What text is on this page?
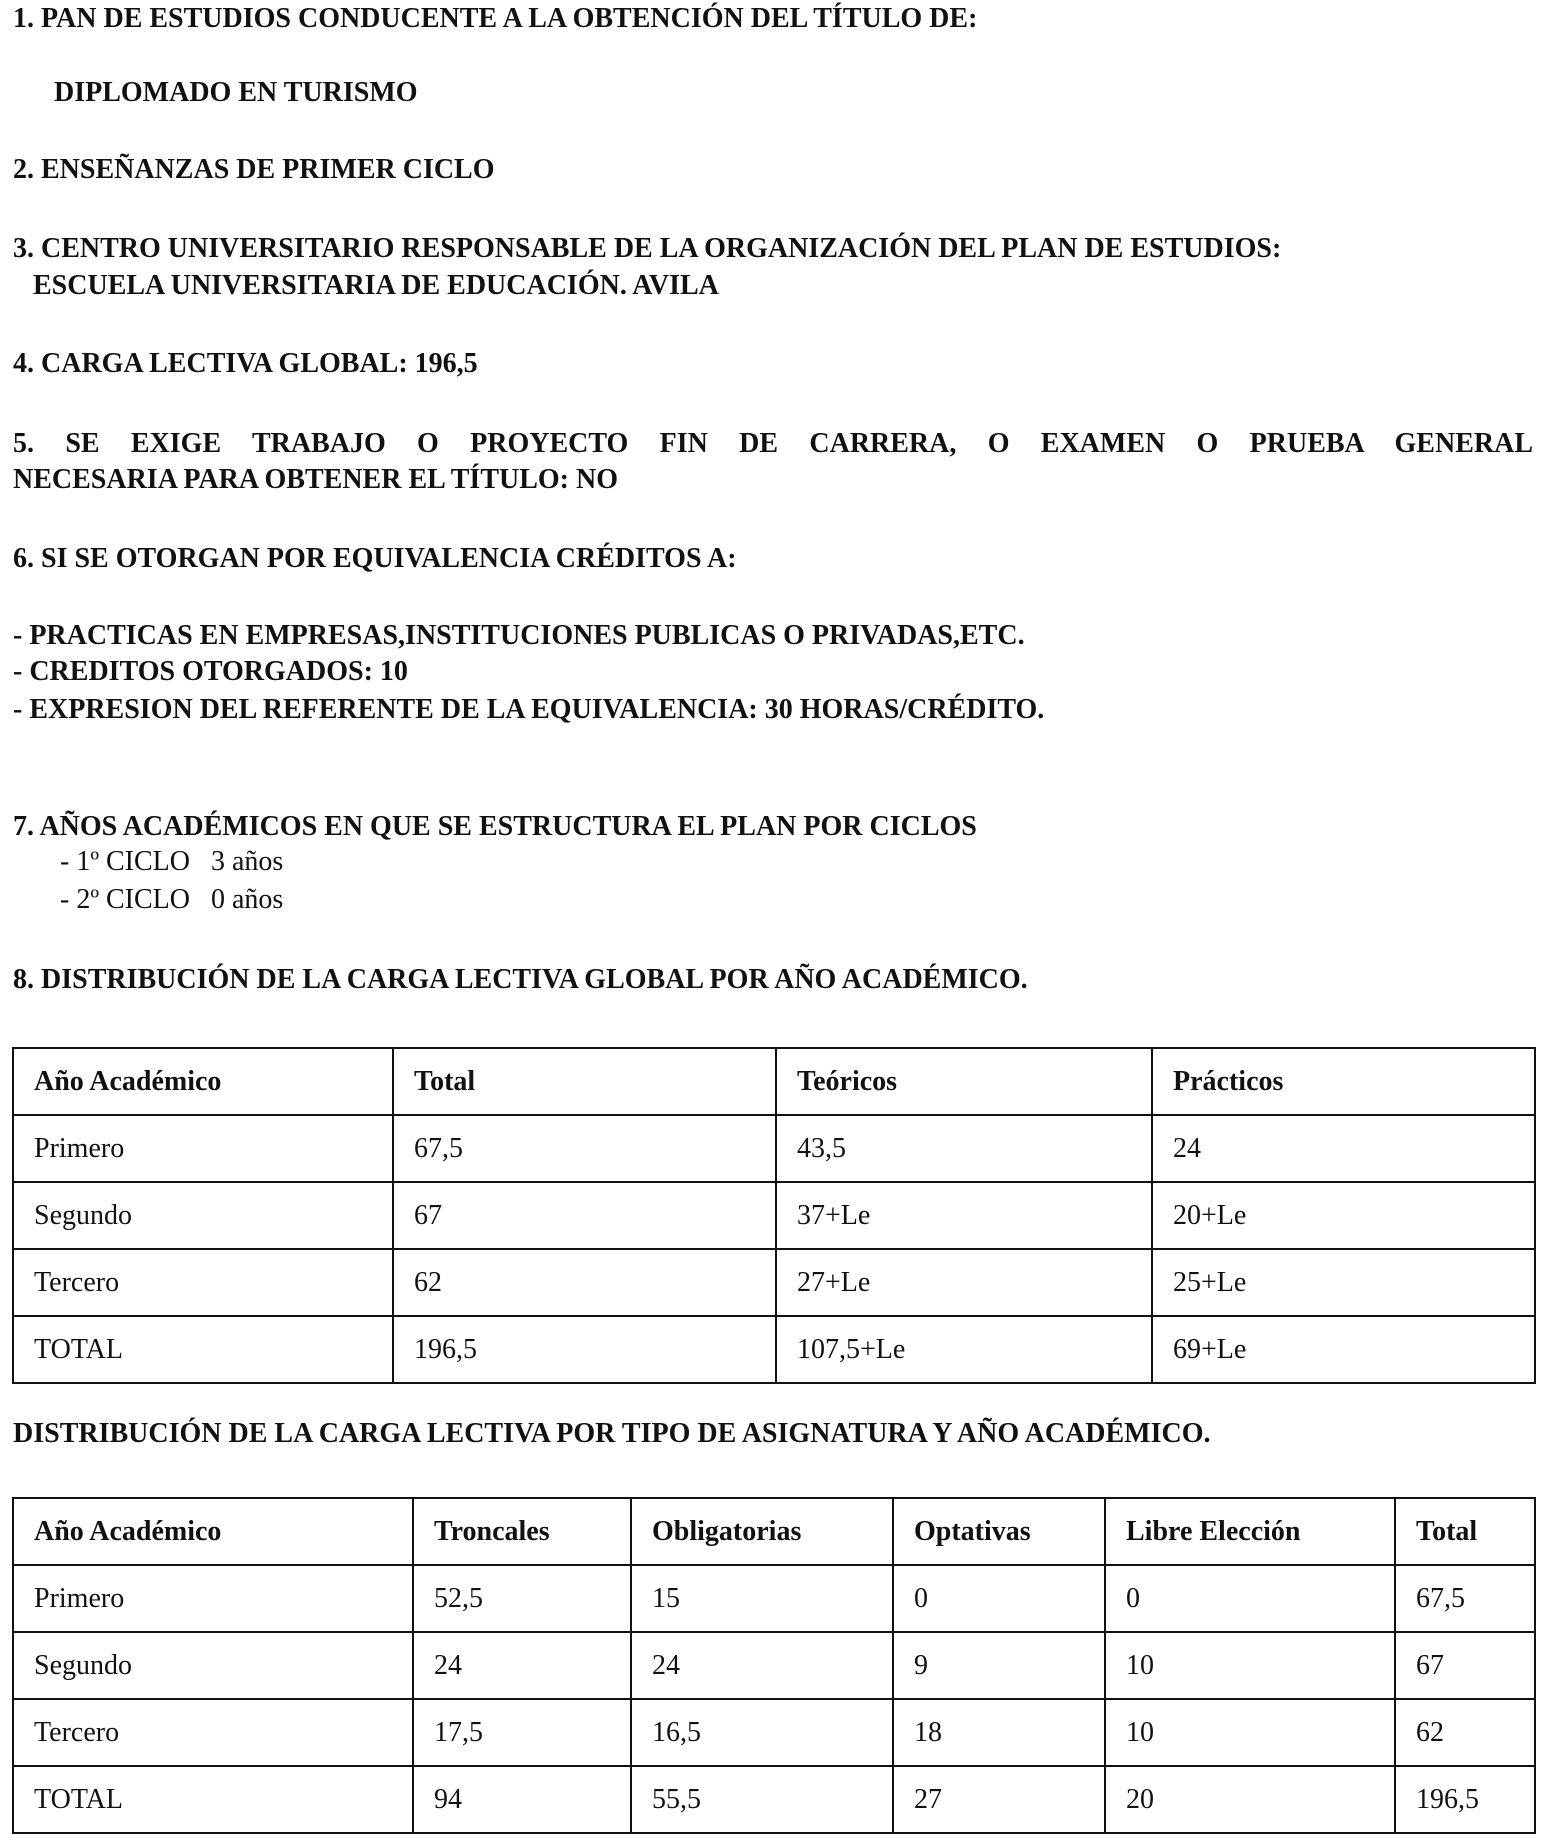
1. PAN DE ESTUDIOS CONDUCENTE A LA OBTENCIÓN DEL TÍTULO DE:
DIPLOMADO EN TURISMO
2. ENSEÑANZAS DE PRIMER CICLO
3. CENTRO UNIVERSITARIO RESPONSABLE DE LA ORGANIZACIÓN DEL PLAN DE ESTUDIOS:
ESCUELA UNIVERSITARIA DE EDUCACIÓN. AVILA
4. CARGA LECTIVA GLOBAL: 196,5
5. SE EXIGE TRABAJO O PROYECTO FIN DE CARRERA, O EXAMEN O PRUEBA GENERAL
NECESARIA PARA OBTENER EL TÍTULO: NO
6. SI SE OTORGAN POR EQUIVALENCIA CRÉDITOS A:
- PRACTICAS EN EMPRESAS,INSTITUCIONES PUBLICAS O PRIVADAS,ETC.
- CREDITOS OTORGADOS: 10
- EXPRESION DEL REFERENTE DE LA EQUIVALENCIA: 30 HORAS/CRÉDITO.
7. AÑOS ACADÉMICOS EN QUE SE ESTRUCTURA EL PLAN POR CICLOS
- 1º CICLO   3 años
- 2º CICLO   0 años
8. DISTRIBUCIÓN DE LA CARGA LECTIVA GLOBAL POR AÑO ACADÉMICO.
Año Académico	Total	Teóricos	Prácticos
Primero	67,5	43,5	24
Segundo	67	37+Le	20+Le
Tercero	62	27+Le	25+Le
TOTAL	196,5	107,5+Le	69+Le
DISTRIBUCIÓN DE LA CARGA LECTIVA POR TIPO DE ASIGNATURA Y AÑO ACADÉMICO.
Año Académico	Troncales	Obligatorias	Optativas	Libre Elección	Total
Primero	52,5	15	0	0	67,5
Segundo	24	24	9	10	67
Tercero	17,5	16,5	18	10	62
TOTAL	94	55,5	27	20	196,5
